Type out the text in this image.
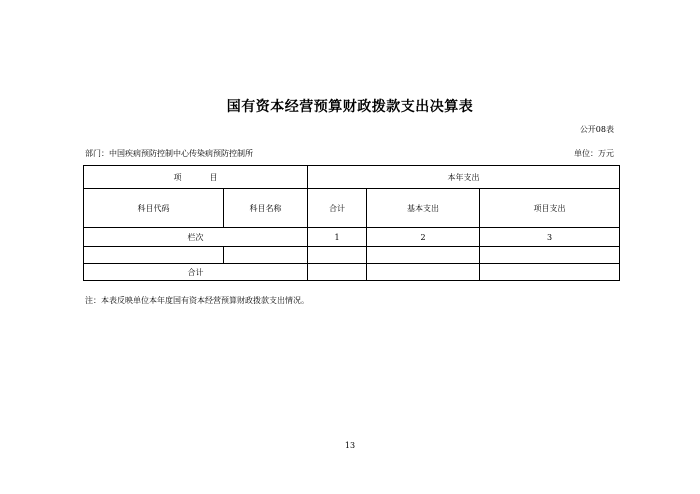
国有资本经营预算财政拨款支出决算表
公开08表
部门：中国疾病预防控制中心传染病预防控制所	单位：万元
项 目		本年支出		
科目代码	科目名称	合计	基本支出	项目支出
栏次		1	2	3

合计				
注：本表反映单位本年度国有资本经营预算财政拨款支出情况。
13
